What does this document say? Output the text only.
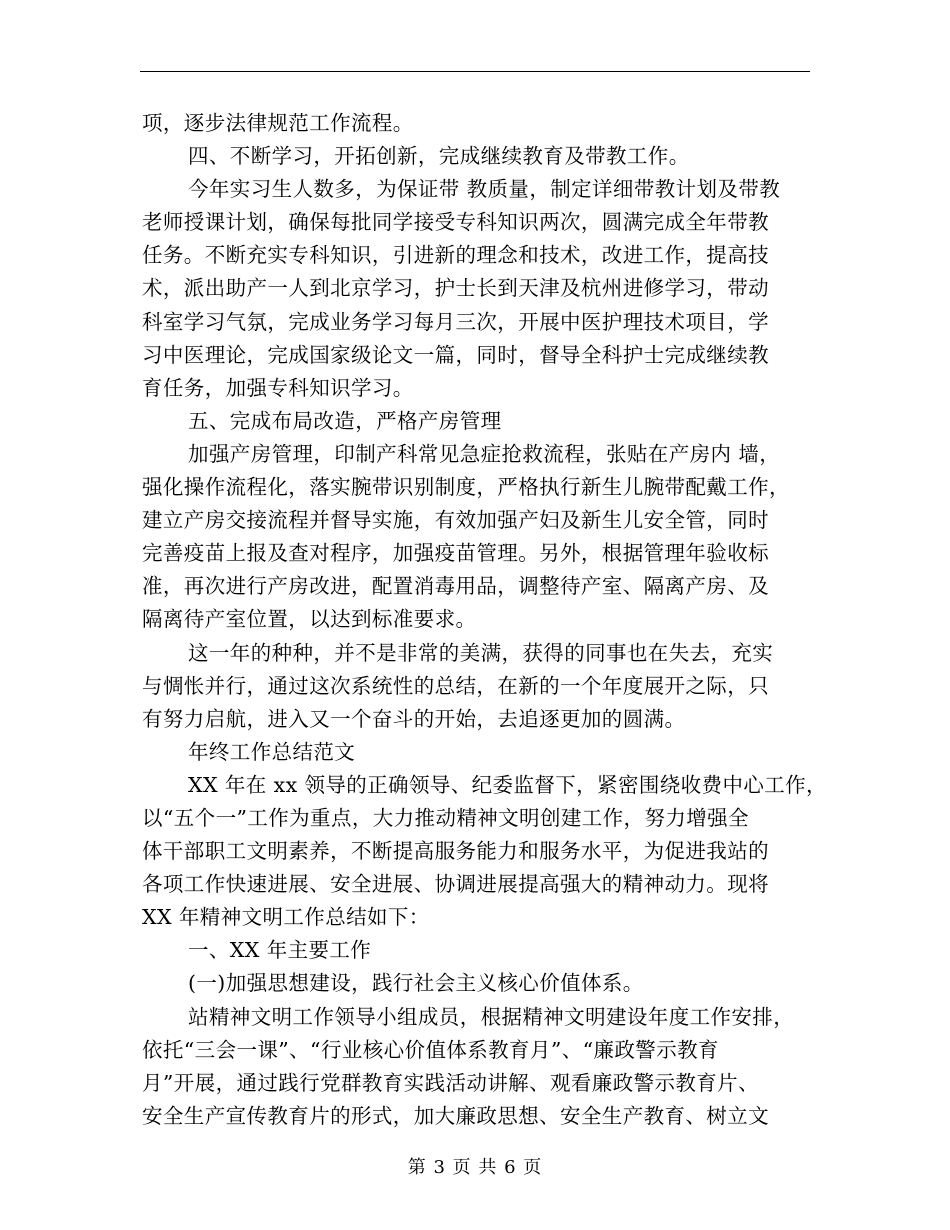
项，逐步法律规范工作流程。
四、不断学习，开拓创新，完成继续教育及带教工作。
今年实习生人数多，为保证带 教质量，制定详细带教计划及带教
老师授课计划，确保每批同学接受专科知识两次，圆满完成全年带教
任务。不断充实专科知识，引进新的理念和技术，改进工作，提高技
术，派出助产一人到北京学习，护士长到天津及杭州进修学习，带动
科室学习气氛，完成业务学习每月三次，开展中医护理技术项目，学
习中医理论，完成国家级论文一篇，同时，督导全科护士完成继续教
育任务，加强专科知识学习。
五、完成布局改造，严格产房管理
加强产房管理，印制产科常见急症抢救流程，张贴在产房内 墙，
强化操作流程化，落实腕带识别制度，严格执行新生儿腕带配戴工作，
建立产房交接流程并督导实施，有效加强产妇及新生儿安全管，同时
完善疫苗上报及查对程序，加强疫苗管理。另外，根据管理年验收标
准，再次进行产房改进，配置消毒用品，调整待产室、隔离产房、及
隔离待产室位置，以达到标准要求。
这一年的种种，并不是非常的美满，获得的同事也在失去，充实
与惆怅并行，通过这次系统性的总结，在新的一个年度展开之际，只
有努力启航，进入又一个奋斗的开始，去追逐更加的圆满。
年终工作总结范文
XX 年在 xx 领导的正确领导、纪委监督下，紧密围绕收费中心工作，
以“五个一”工作为重点，大力推动精神文明创建工作，努力增强全
体干部职工文明素养，不断提高服务能力和服务水平，为促进我站的
各项工作快速进展、安全进展、协调进展提高强大的精神动力。现将
XX 年精神文明工作总结如下：
一、XX 年主要工作
(一)加强思想建设，践行社会主义核心价值体系。
站精神文明工作领导小组成员，根据精神文明建设年度工作安排，
依托“三会一课”、“行业核心价值体系教育月”、“廉政警示教育
月”开展，通过践行党群教育实践活动讲解、观看廉政警示教育片、
安全生产宣传教育片的形式，加大廉政思想、安全生产教育、树立文
第 3 页 共 6 页
